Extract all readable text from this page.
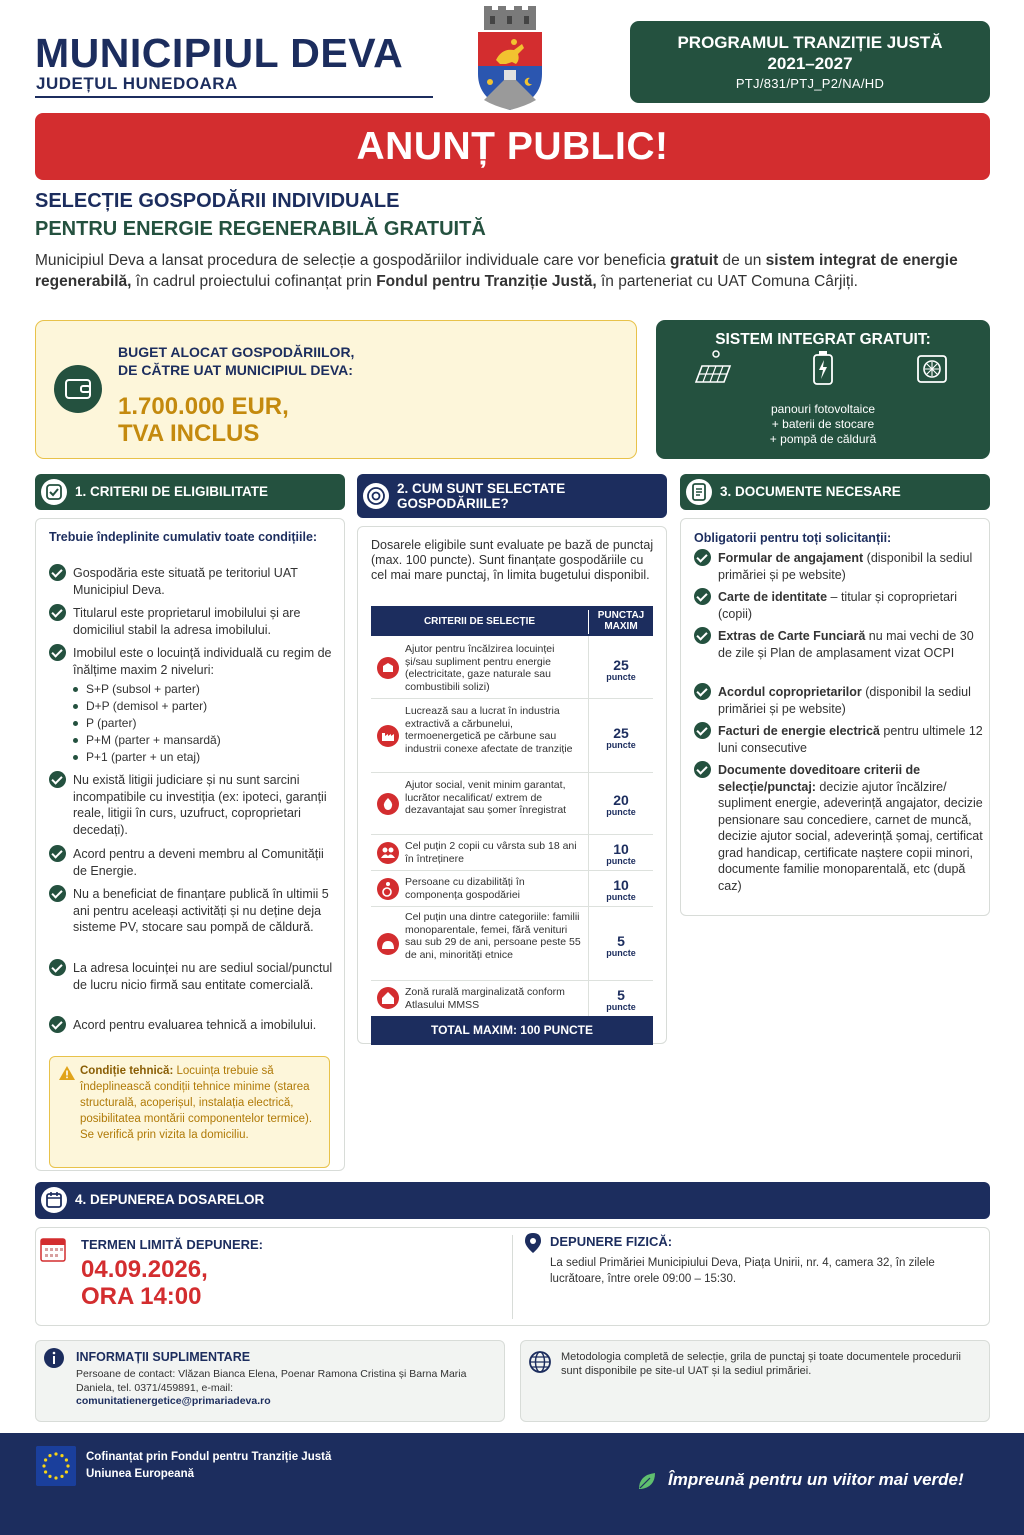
MUNICIPIUL DEVA
JUDEȚUL HUNEDOARA
PROGRAMUL TRANZIȚIE JUSTĂ
2021–2027
PTJ/831/PTJ_P2/NA/HD
ANUNȚ PUBLIC!
SELECȚIE GOSPODĂRII INDIVIDUALE
PENTRU ENERGIE REGENERABILĂ GRATUITĂ
Municipiul Deva a lansat procedura de selecție a gospodăriilor individuale care vor beneficia gratuit de un sistem integrat de energie regenerabilă, în cadrul proiectului cofinanțat prin Fondul pentru Tranziție Justă, în parteneriat cu UAT Comuna Cârjiți.
BUGET ALOCAT GOSPODĂRIILOR,
DE CĂTRE UAT MUNICIPIUL DEVA:
1.700.000 EUR,
TVA INCLUS
SISTEM INTEGRAT GRATUIT:
panouri fotovoltaice
+ baterii de stocare
+ pompă de căldură
1. CRITERII DE ELIGIBILITATE	2. CUM SUNT SELECTATE
GOSPODĂRIILE?
3. DOCUMENTE NECESARE
Trebuie îndeplinite cumulativ toate condițiile:
Gospodăria este situată pe teritoriul UAT Municipiul Deva.
Titularul este proprietarul imobilului și are domiciliul stabil la adresa imobilului.
Imobilul este o locuință individuală cu regim de înălțime maxim 2 niveluri:
S+P (subsol + parter)
D+P (demisol + parter)
P (parter)
P+M (parter + mansardă)
P+1 (parter + un etaj)
Nu există litigii judiciare și nu sunt sarcini incompatibile cu investiția (ex: ipoteci, garanții reale, litigii în curs, uzufruct, coproprietari decedați).
Acord pentru a deveni membru al Comunității de Energie.
Nu a beneficiat de finanțare publică în ultimii 5 ani pentru aceleași activități și nu deține deja sisteme PV, stocare sau pompă de căldură.
La adresa locuinței nu are sediul social/punctul de lucru nicio firmă sau entitate comercială.
Acord pentru evaluarea tehnică a imobilului.
Condiție tehnică: Locuința trebuie să îndeplinească condiții tehnice minime (starea structurală, acoperișul, instalația electrică, posibilitatea montării componentelor termice). Se verifică prin vizita la domiciliu.
Dosarele eligibile sunt evaluate pe bază de punctaj (max. 100 puncte). Sunt finanțate gospodăriile cu cel mai mare punctaj, în limita bugetului disponibil.
CRITERII DE SELECȚIE
PUNCTAJ
MAXIM
Ajutor pentru încălzirea locuinței și/sau supliment pentru energie (electricitate, gaze naturale sau combustibili solizi)
25
puncte
Lucrează sau a lucrat în industria extractivă a cărbunelui, termoenergetică pe cărbune sau industrii conexe afectate de tranziție
25
puncte
Ajutor social, venit minim garantat, lucrător necalificat/ extrem de dezavantajat sau șomer înregistrat
20
puncte
Cel puțin 2 copii cu vârsta sub 18 ani în întreținere
10
puncte
Persoane cu dizabilități în componența gospodăriei
10
puncte
Cel puțin una dintre categoriile: familii monoparentale, femei, fără venituri sau sub 29 de ani, persoane peste 55 de ani, minorități etnice
5
puncte
Zonă rurală marginalizată conform Atlasului MMSS
5
puncte
TOTAL MAXIM: 100 PUNCTE
Obligatorii pentru toți solicitanții:
Formular de angajament (disponibil la sediul primăriei și pe website)
Carte de identitate – titular și coproprietari (copii)
Extras de Carte Funciară nu mai vechi de 30 de zile și Plan de amplasament vizat OCPI
Acordul coproprietarilor (disponibil la sediul primăriei și pe website)
Facturi de energie electrică pentru ultimele 12 luni consecutive
Documente doveditoare criterii de selecție/punctaj: decizie ajutor încălzire/ supliment energie, adeverință angajator, decizie pensionare sau concediere, carnet de muncă, decizie ajutor social, adeverință șomaj, certificat grad handicap, certificate naștere copii minori, documente familie monoparentală, etc (după caz)
4. DEPUNEREA DOSARELOR
TERMEN LIMITĂ DEPUNERE:
04.09.2026,
ORA 14:00
DEPUNERE FIZICĂ:
La sediul Primăriei Municipiului Deva, Piața Unirii, nr. 4, camera 32, în zilele lucrătoare, între orele 09:00 – 15:30.
INFORMAȚII SUPLIMENTARE
Persoane de contact: Vlăzan Bianca Elena, Poenar Ramona Cristina și Barna Maria Daniela, tel. 0371/459891, e-mail:
comunitatienergetice@primariadeva.ro
Metodologia completă de selecție, grila de punctaj și toate documentele procedurii sunt disponibile pe site-ul UAT și la sediul primăriei.
Cofinanțat prin Fondul pentru Tranziție Justă
Uniunea Europeană	Împreună pentru un viitor mai verde!
